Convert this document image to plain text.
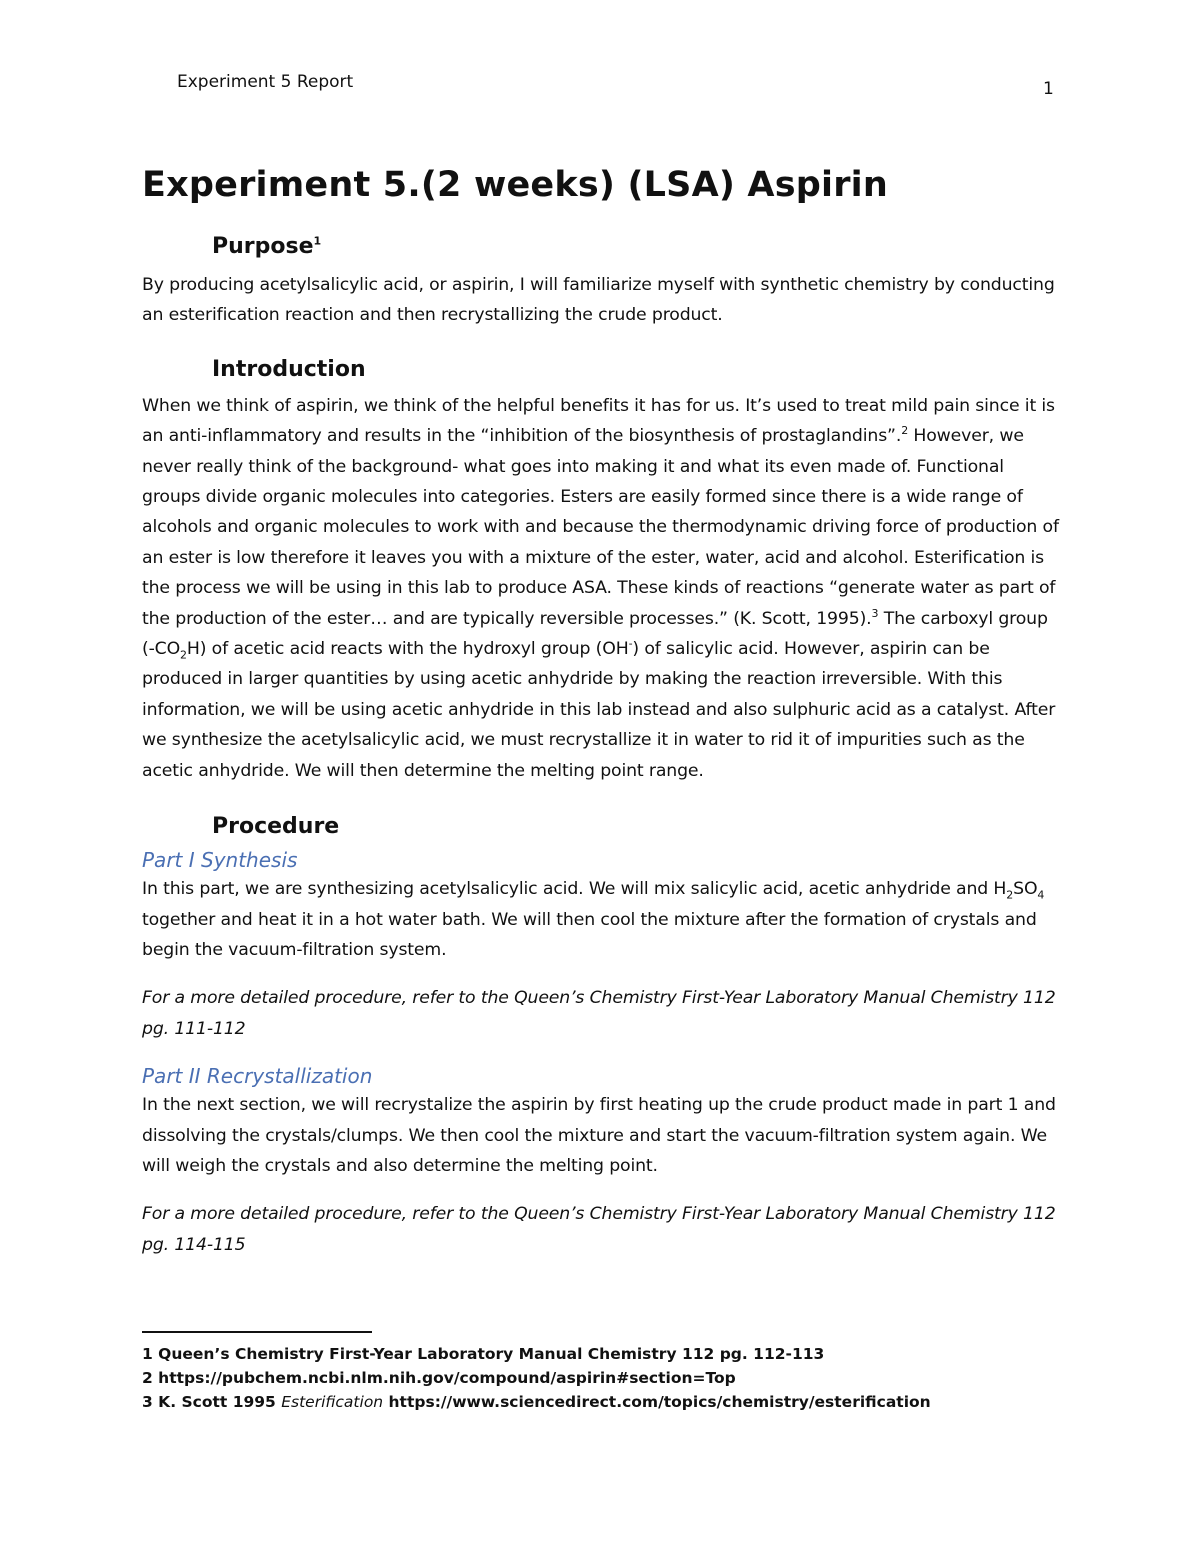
Experiment 5 Report	1
Experiment 5.(2 weeks) (LSA) Aspirin
Purpose$^1$

By producing acetylsalicylic acid, or aspirin, I will familiarize myself with synthetic chemistry by conducting an esterification reaction and then recrystallizing the crude product.

Introduction

When we think of aspirin, we think of the helpful benefits it has for us. It’s used to treat mild pain since it is an anti-inflammatory and results in the “inhibition of the biosynthesis of prostaglandins”.$^2$ However, we never really think of the background- what goes into making it and what its even made of. Functional groups divide organic molecules into categories. Esters are easily formed since there is a wide range of alcohols and organic molecules to work with and because the thermodynamic driving force of production of an ester is low therefore it leaves you with a mixture of the ester, water, acid and alcohol. Esterification is the process we will be using in this lab to produce ASA. These kinds of reactions “generate water as part of the production of the ester… and are typically reversible processes.” (K. Scott, 1995).$^3$ The carboxyl group $(-CO_2H)$ of acetic acid reacts with the hydroxyl group (OH-) of salicylic acid. However, aspirin can be produced in larger quantities by using acetic anhydride by making the reaction irreversible. With this information, we will be using acetic anhydride in this lab instead and also sulphuric acid as a catalyst. After we synthesize the acetylsalicylic acid, we must recrystallize it in water to rid it of impurities such as the acetic anhydride. We will then determine the melting point range.

Procedure
Part I Synthesis

In this part, we are synthesizing acetylsalicylic acid. We will mix salicylic acid, acetic anhydride and $H_2SO_4$ together and heat it in a hot water bath. We will then cool the mixture after the formation of crystals and begin the vacuum-filtration system.

For a more detailed procedure, refer to the Queen’s Chemistry First-Year Laboratory Manual Chemistry 112 pg. 111-112

Part II Recrystallization

In the next section, we will recrystalize the aspirin by first heating up the crude product made in part 1 and dissolving the crystals/clumps. We then cool the mixture and start the vacuum-filtration system again. We will weigh the crystals and also determine the melting point.

For a more detailed procedure, refer to the Queen’s Chemistry First-Year Laboratory Manual Chemistry 112 pg. 114-115

1 Queen’s Chemistry First-Year Laboratory Manual Chemistry 112 pg. 112-113

2 https://pubchem.ncbi.nlm.nih.gov/compound/aspirin#section=Top

3 K. Scott 1995 Esterification https://www.sciencedirect.com/topics/chemistry/esterification
